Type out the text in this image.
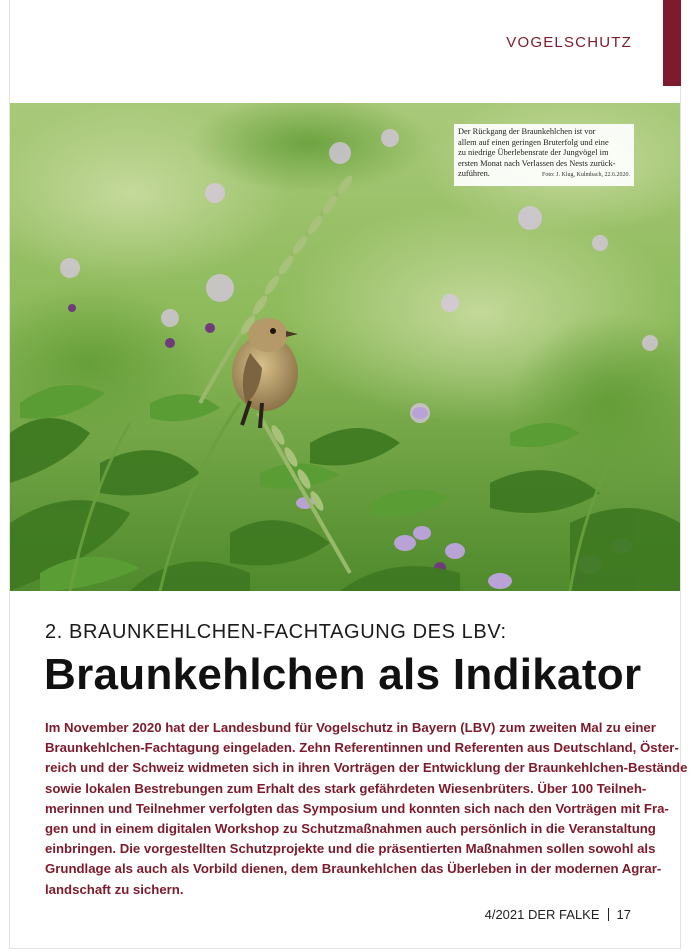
VOGELSCHUTZ
Der Rückgang der Braunkehlchen ist vor
allem auf einen geringen Bruterfolg und eine
zu niedrige Überlebensrate der Jungvögel im
ersten Monat nach Verlassen des Nests zurück-
zuführen.	Foto: J. Klug, Kulmbach, 22.6.2020.
2. BRAUNKEHLCHEN-FACHTAGUNG DES LBV:
Braunkehlchen als Indikator

Im November 2020 hat der Landesbund für Vogelschutz in Bayern (LBV) zum zweiten Mal zu einer
Braunkehlchen-Fachtagung eingeladen. Zehn Referentinnen und Referenten aus Deutschland, Öster-
reich und der Schweiz widmeten sich in ihren Vorträgen der Entwicklung der Braunkehlchen-Bestände
sowie lokalen Bestrebungen zum Erhalt des stark gefährdeten Wiesenbrüters. Über 100 Teilneh-
merinnen und Teilnehmer verfolgten das Symposium und konnten sich nach den Vorträgen mit Fra-
gen und in einem digitalen Workshop zu Schutzmaßnahmen auch persönlich in die Veranstaltung
einbringen. Die vorgestellten Schutzprojekte und die präsentierten Maßnahmen sollen sowohl als
Grundlage als auch als Vorbild dienen, dem Braunkehlchen das Überleben in der modernen Agrar-
landschaft zu sichern.

4/2021 DER FALKE 17
